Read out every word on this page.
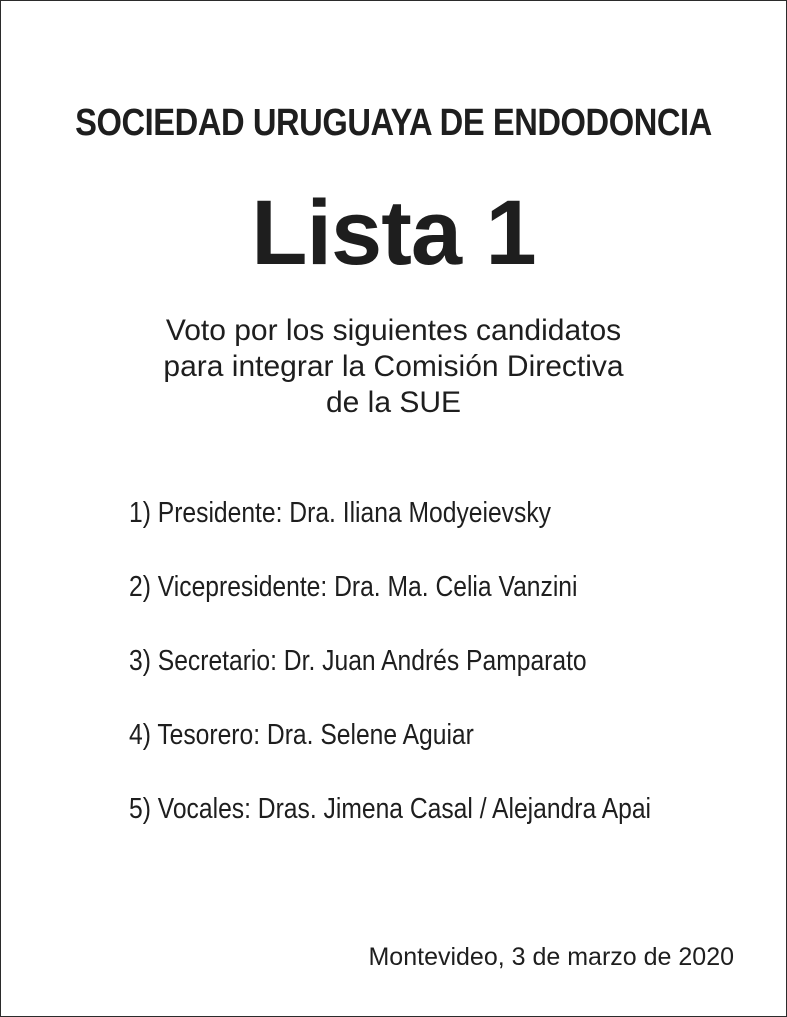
SOCIEDAD URUGUAYA DE ENDODONCIA
Lista 1
Voto por los siguientes candidatos
para integrar la Comisión Directiva
de la SUE
1) Presidente: Dra. Iliana Modyeievsky
2) Vicepresidente: Dra. Ma. Celia Vanzini
3) Secretario: Dr. Juan Andrés Pamparato
4) Tesorero: Dra. Selene Aguiar
5) Vocales: Dras. Jimena Casal / Alejandra Apai
Montevideo, 3 de marzo de 2020
